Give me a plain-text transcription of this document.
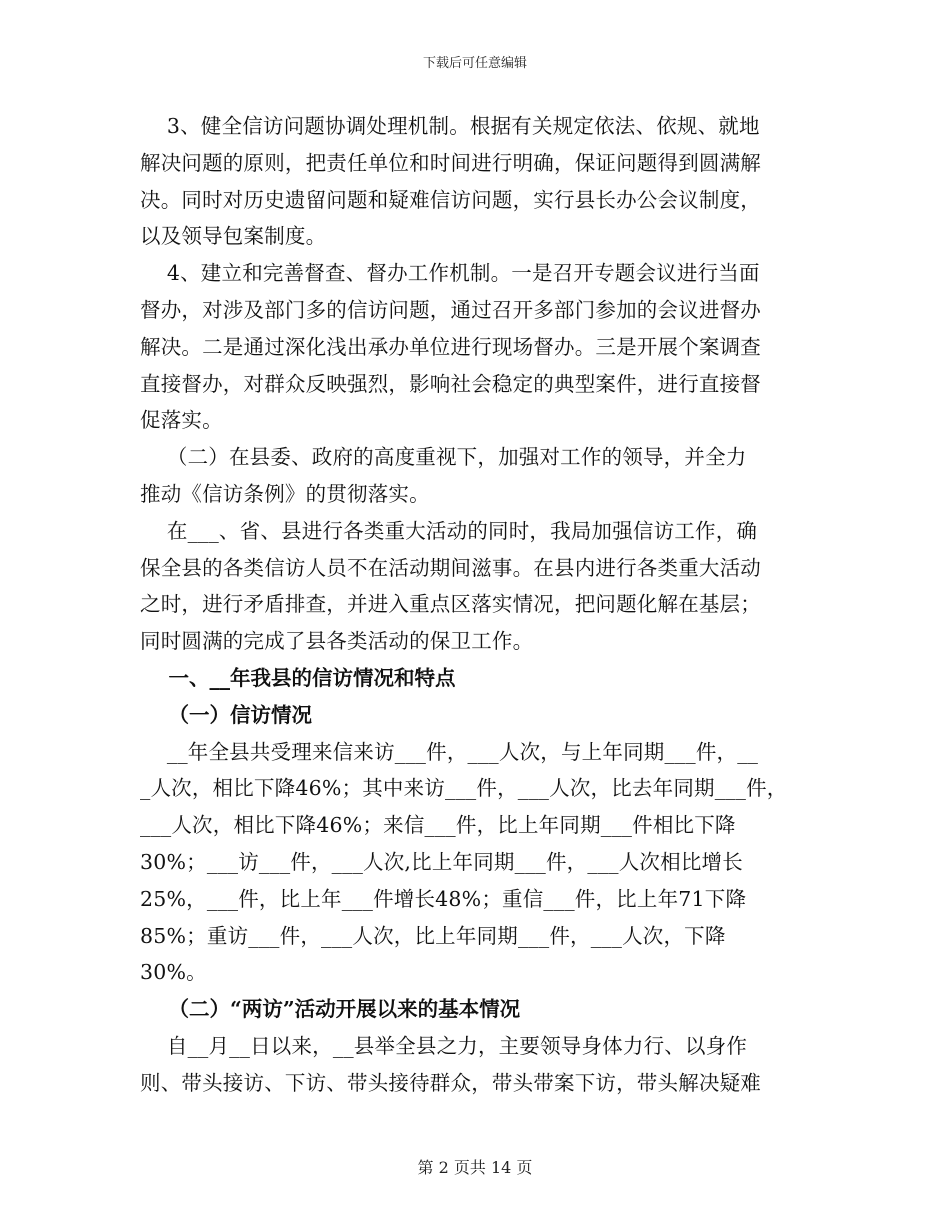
下载后可任意编辑
3、健全信访问题协调处理机制。根据有关规定依法、依规、就地
解决问题的原则，把责任单位和时间进行明确，保证问题得到圆满解
决。同时对历史遗留问题和疑难信访问题，实行县长办公会议制度，
以及领导包案制度。
4、建立和完善督查、督办工作机制。一是召开专题会议进行当面
督办，对涉及部门多的信访问题，通过召开多部门参加的会议进督办
解决。二是通过深化浅出承办单位进行现场督办。三是开展个案调查
直接督办，对群众反映强烈，影响社会稳定的典型案件，进行直接督
促落实。
（二）在县委、政府的高度重视下，加强对工作的领导，并全力
推动《信访条例》的贯彻落实。
在___、省、县进行各类重大活动的同时，我局加强信访工作，确
保全县的各类信访人员不在活动期间滋事。在县内进行各类重大活动
之时，进行矛盾排查，并进入重点区落实情况，把问题化解在基层；
同时圆满的完成了县各类活动的保卫工作。
一、__年我县的信访情况和特点
（一）信访情况
__年全县共受理来信来访___件，___人次，与上年同期___件，__
_人次，相比下降46%；其中来访___件，___人次，比去年同期___件，
___人次，相比下降46%；来信___件，比上年同期___件相比下降
30%；___访___件，___人次,比上年同期___件，___人次相比增长
25%，___件，比上年___件增长48%；重信___件，比上年71下降
85%；重访___件，___人次，比上年同期___件，___人次，下降
30%。
（二）“两访”活动开展以来的基本情况
自__月__日以来，__县举全县之力，主要领导身体力行、以身作
则、带头接访、下访、带头接待群众，带头带案下访，带头解决疑难
第 2 页共 14 页
